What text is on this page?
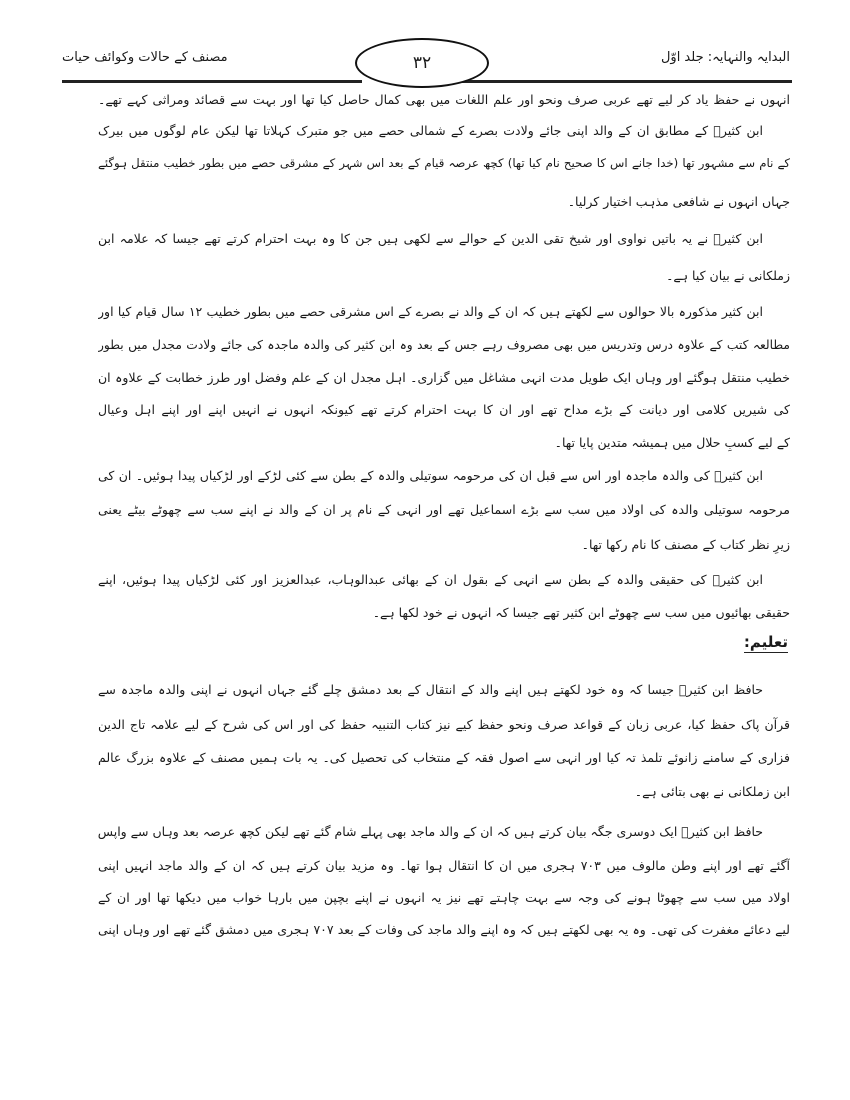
البدایہ والنہایہ: جلد اوّل
مصنف کے حالات وکوائف حیات	۳۲
انہوں نے حفظ یاد کر لیے تھے عربی صرف ونحو اور علم اللغات میں بھی کمال حاصل کیا تھا اور بہت سے قصائد ومراثی کہے تھے۔
ابن کثیرؒ کے مطابق ان کے والد اپنی جائے ولادت بصرے کے شمالی حصے میں جو متبرک کہلاتا تھا لیکن عام لوگوں میں بیرک
کے نام سے مشہور تھا (خدا جانے اس کا صحیح نام کیا تھا) کچھ عرصہ قیام کے بعد اس شہر کے مشرقی حصے میں بطور خطیب منتقل ہوگئے
جہاں انہوں نے شافعی مذہب اختیار کرلیا۔
ابن کثیرؒ نے یہ باتیں نواوی اور شیخ تقی الدین کے حوالے سے لکھی ہیں جن کا وہ بہت احترام کرتے تھے جیسا کہ علامہ ابن
زملکانی نے بیان کیا ہے۔
ابن کثیر مذکورہ بالا حوالوں سے لکھتے ہیں کہ ان کے والد نے بصرے کے اس مشرقی حصے میں بطور خطیب ۱۲ سال قیام کیا اور
مطالعہ کتب کے علاوہ درس وتدریس میں بھی مصروف رہے جس کے بعد وہ ابن کثیر کی والدہ ماجدہ کی جائے ولادت مجدل میں بطور
خطیب منتقل ہوگئے اور وہاں ایک طویل مدت انہی مشاغل میں گزاری۔ اہل مجدل ان کے علم وفضل اور طرز خطابت کے علاوہ ان
کی شیریں کلامی اور دیانت کے بڑے مداح تھے اور ان کا بہت احترام کرتے تھے کیونکہ انہوں نے انہیں اپنے اور اپنے اہل وعیال
کے لیے کسبِ حلال میں ہمیشہ متدین پایا تھا۔
ابن کثیرؒ کی والدہ ماجدہ اور اس سے قبل ان کی مرحومہ سوتیلی والدہ کے بطن سے کئی لڑکے اور لڑکیاں پیدا ہوئیں۔ ان کی
مرحومہ سوتیلی والدہ کی اولاد میں سب سے بڑے اسماعیل تھے اور انہی کے نام پر ان کے والد نے اپنے سب سے چھوٹے بیٹے یعنی
زیرِ نظر کتاب کے مصنف کا نام رکھا تھا۔
ابن کثیرؒ کی حقیقی والدہ کے بطن سے انہی کے بقول ان کے بھائی عبدالوہاب، عبدالعزیز اور کئی لڑکیاں پیدا ہوئیں، اپنے
حقیقی بھائیوں میں سب سے چھوٹے ابن کثیر تھے جیسا کہ انہوں نے خود لکھا ہے۔
تعلیم:
حافظ ابن کثیرؒ جیسا کہ وہ خود لکھتے ہیں اپنے والد کے انتقال کے بعد دمشق چلے گئے جہاں انہوں نے اپنی والدہ ماجدہ سے
قرآن پاک حفظ کیا، عربی زبان کے قواعد صرف ونحو حفظ کیے نیز کتاب التنبیہ حفظ کی اور اس کی شرح کے لیے علامہ تاج الدین
فزاری کے سامنے زانوئے تلمذ تہ کیا اور انہی سے اصول فقہ کے منتخاب کی تحصیل کی۔ یہ بات ہمیں مصنف کے علاوہ بزرگ عالم
ابن زملکانی نے بھی بتائی ہے۔
حافظ ابن کثیرؒ ایک دوسری جگہ بیان کرتے ہیں کہ ان کے والد ماجد بھی پہلے شام گئے تھے لیکن کچھ عرصہ بعد وہاں سے واپس
آگئے تھے اور اپنے وطن مالوف میں ۷۰۳ ہجری میں ان کا انتقال ہوا تھا۔ وہ مزید بیان کرتے ہیں کہ ان کے والد ماجد انہیں اپنی
اولاد میں سب سے چھوٹا ہونے کی وجہ سے بہت چاہتے تھے نیز یہ انہوں نے اپنے بچپن میں بارہا خواب میں دیکھا تھا اور ان کے
لیے دعائے مغفرت کی تھی۔ وہ یہ بھی لکھتے ہیں کہ وہ اپنے والد ماجد کی وفات کے بعد ۷۰۷ ہجری میں دمشق گئے تھے اور وہاں اپنی
